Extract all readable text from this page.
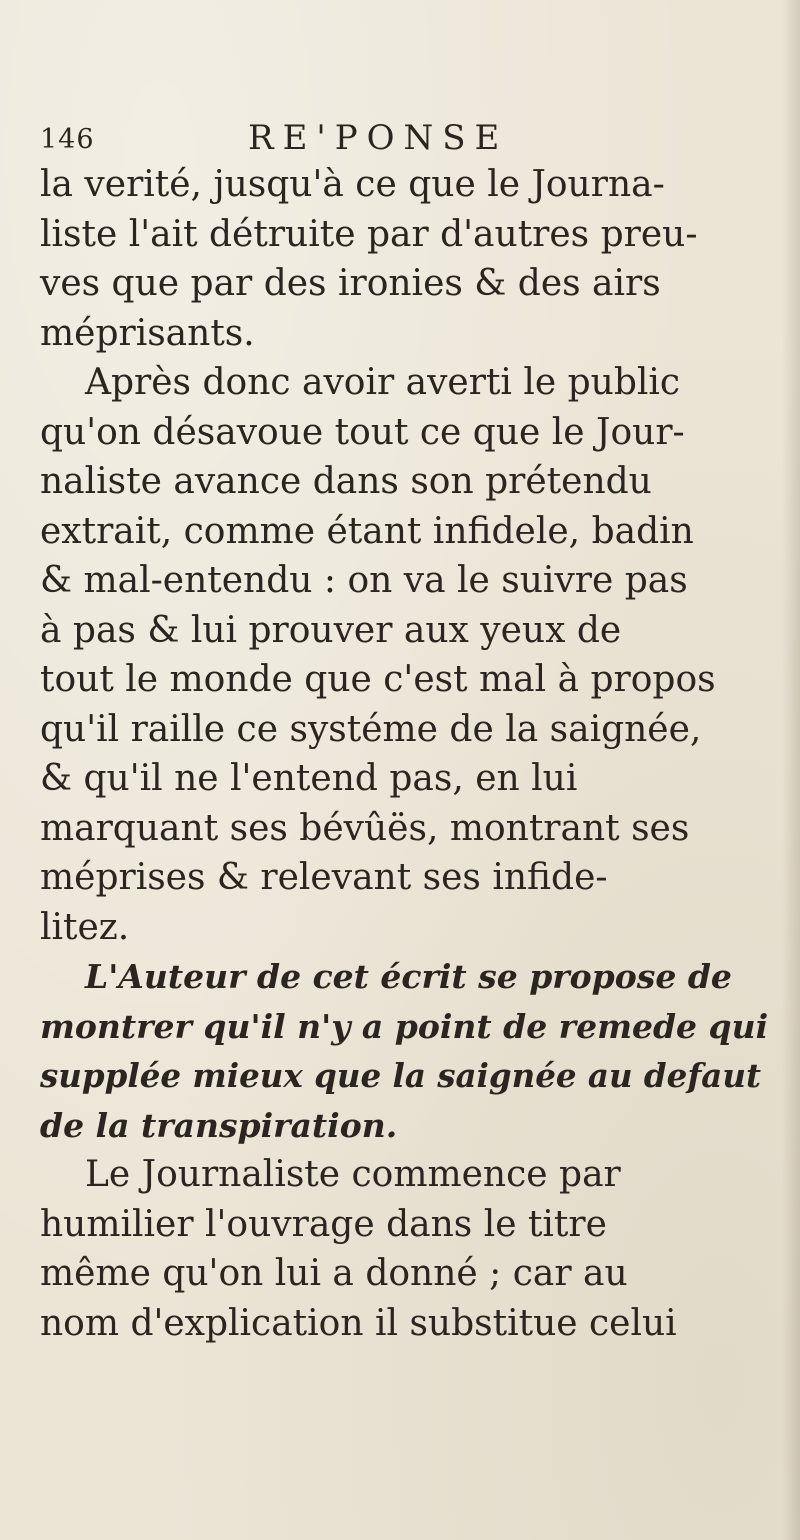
146	RE'PONSE
la verité, jusqu'à ce que le Journa-
liste l'ait détruite par d'autres preu-
ves que par des ironies & des airs
méprisants.
Après donc avoir averti le public
qu'on désavoue tout ce que le Jour-
naliste avance dans son prétendu
extrait, comme étant infidele, badin
& mal-entendu : on va le suivre pas
à pas & lui prouver aux yeux de
tout le monde que c'est mal à propos
qu'il raille ce systéme de la saignée,
& qu'il ne l'entend pas, en lui
marquant ses bévûës, montrant ses
méprises & relevant ses infide-
litez.
L'Auteur de cet écrit se propose de
montrer qu'il n'y a point de remede qui
supplée mieux que la saignée au defaut
de la transpiration.
Le Journaliste commence par
humilier l'ouvrage dans le titre
même qu'on lui a donné ; car au
nom d'explication il substitue celui
